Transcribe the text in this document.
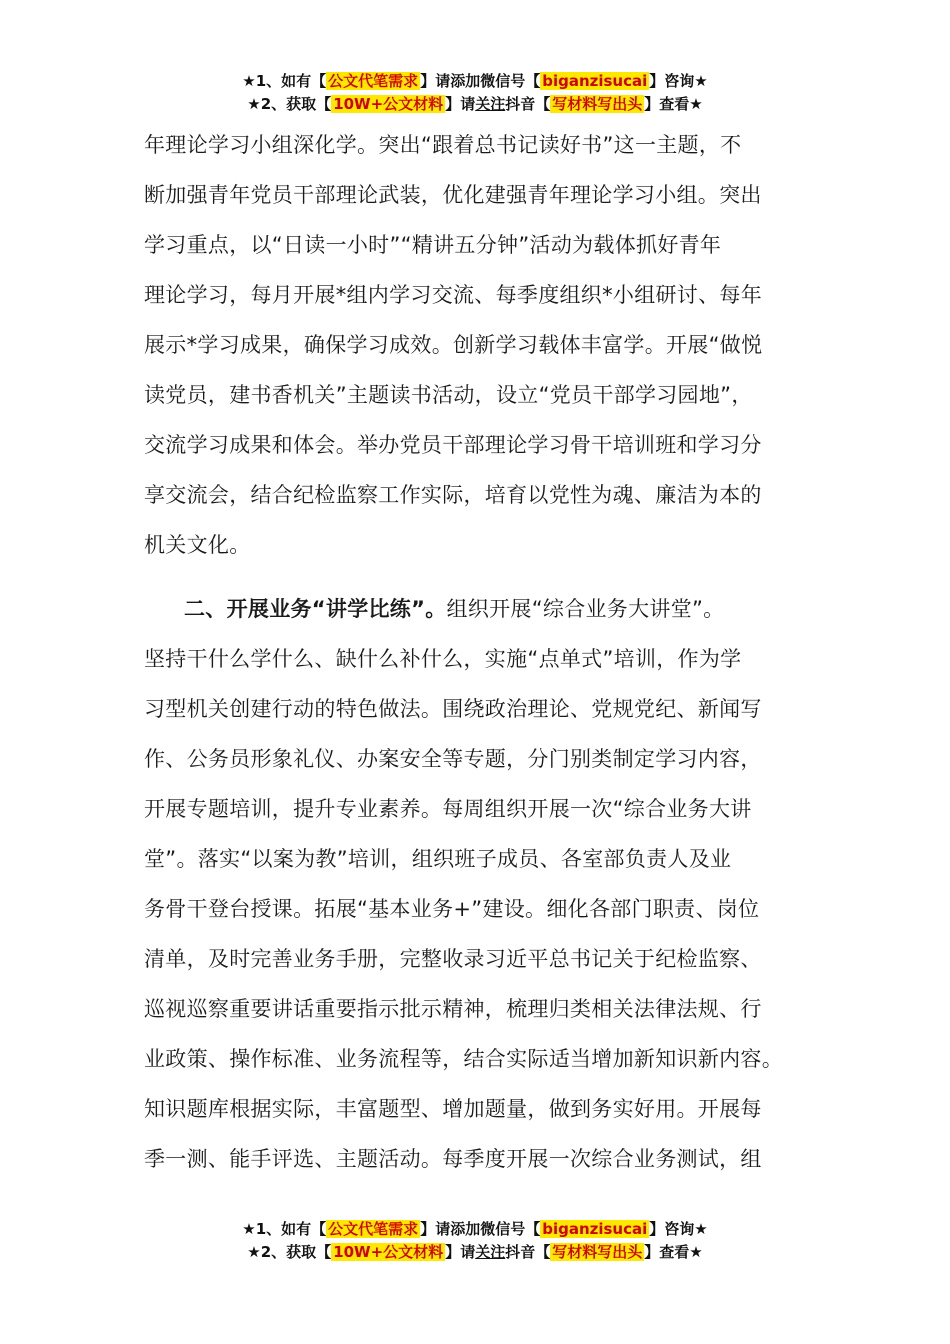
★1、如有【 公文代笔需求 】请添加微信号【 biganzisucai 】咨询★
★2、获取【 10W+公文材料 】请关注抖音【 写材料写出头 】查看★
年理论学习小组深化学。突出“跟着总书记读好书”这一主题，不
断加强青年党员干部理论武装，优化建强青年理论学习小组。突出
学习重点，以“日读一小时”“精讲五分钟”活动为载体抓好青年
理论学习，每月开展*组内学习交流、每季度组织*小组研讨、每年
展示*学习成果，确保学习成效。创新学习载体丰富学。开展“做悦
读党员，建书香机关”主题读书活动，设立“党员干部学习园地”，
交流学习成果和体会。举办党员干部理论学习骨干培训班和学习分
享交流会，结合纪检监察工作实际，培育以党性为魂、廉洁为本的
机关文化。
二、开展业务“讲学比练”。组织开展“综合业务大讲堂”。
坚持干什么学什么、缺什么补什么，实施“点单式”培训，作为学
习型机关创建行动的特色做法。围绕政治理论、党规党纪、新闻写
作、公务员形象礼仪、办案安全等专题，分门别类制定学习内容，
开展专题培训，提升专业素养。每周组织开展一次“综合业务大讲
堂”。落实“以案为教”培训，组织班子成员、各室部负责人及业
务骨干登台授课。拓展“基本业务+”建设。细化各部门职责、岗位
清单，及时完善业务手册，完整收录习近平总书记关于纪检监察、
巡视巡察重要讲话重要指示批示精神，梳理归类相关法律法规、行
业政策、操作标准、业务流程等，结合实际适当增加新知识新内容。
知识题库根据实际，丰富题型、增加题量，做到务实好用。开展每
季一测、能手评选、主题活动。每季度开展一次综合业务测试，组
★1、如有【 公文代笔需求 】请添加微信号【 biganzisucai 】咨询★
★2、获取【 10W+公文材料 】请关注抖音【 写材料写出头 】查看★
